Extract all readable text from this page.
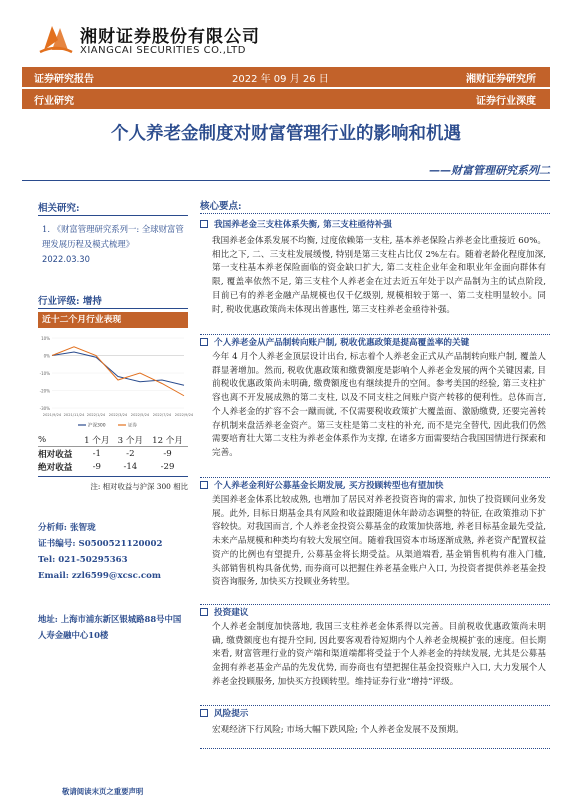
湘财证券股份有限公司
XIANGCAI SECURITIES CO.,LTD
证券研究报告	2022 年 09 月 26 日	湘财证券研究所
行业研究	证券行业深度
个人养老金制度对财富管理行业的影响和机遇
——财富管理研究系列二
相关研究:
1. 《财富管理研究系列一: 全球财富管理发展历程及模式梳理》
2022.03.30
行业评级: 增持
近十二个月行业表现
-30%
-20%
-10%
0%
10%
2021/9/24 2021/11/24 2022/1/24 2022/3/24 2022/5/24 2022/7/24 2022/9/24
沪深300	证券
%	1 个月	3 个月	12 个月
相对收益	-1	-2	-9
绝对收益	-9	-14	-29
注: 相对收益与沪深 300 相比
分析师: 张智珑
证书编号: S0500521120002
Tel: 021-50295363
Email: zzl6599@xcsc.com
地址: 上海市浦东新区银城路88号中国人寿金融中心10楼
核心要点:
我国养老金三支柱体系失衡, 第三支柱亟待补强
我国养老金体系发展不均衡, 过度依赖第一支柱, 基本养老保险占养老金比重接近 60%。相比之下, 二、三支柱发展缓慢, 特别是第三支柱占比仅 2%左右。随着老龄化程度加深, 第一支柱基本养老保险面临的资金缺口扩大, 第二支柱企业年金和职业年金面向群体有限, 覆盖率依然不足, 第三支柱个人养老金在过去近五年处于以产品制为主的试点阶段, 目前已有的养老金融产品规模也仅千亿级别, 规模相较于第一、第二支柱明显较小。同时, 税收优惠政策尚未体现出普惠性, 第三支柱养老金亟待补强。
个人养老金从产品制转向账户制, 税收优惠政策是提高覆盖率的关键
今年 4 月个人养老金顶层设计出台, 标志着个人养老金正式从产品制转向账户制, 覆盖人群显著增加。然而, 税收优惠政策和缴费额度是影响个人养老金发展的两个关键因素, 目前税收优惠政策尚未明确, 缴费额度也有继续提升的空间。参考美国的经验, 第三支柱扩容也离不开发展成熟的第二支柱, 以及不同支柱之间账户资产转移的便利性。总体而言, 个人养老金的扩容不会一蹴而就, 不仅需要税收政策扩大覆盖面、激励缴费, 还要完善转存机制来盘活养老金资产。第三支柱是第二支柱的补充, 而不是完全替代, 因此我们仍然需要培育壮大第二支柱为养老金体系作为支撑, 在诸多方面需要结合我国国情进行探索和完善。
个人养老金利好公募基金长期发展, 买方投顾转型也有望加快
美国养老金体系比较成熟, 也增加了居民对养老投资咨询的需求, 加快了投资顾问业务发展。此外, 目标日期基金具有风险和收益跟随退休年龄动态调整的特征, 在政策推动下扩容较快。对我国而言, 个人养老金投资公募基金的政策加快落地, 养老目标基金最先受益, 未来产品规模和种类均有较大发展空间。随着我国资本市场逐渐成熟, 养老资产配置权益资产的比例也有望提升, 公募基金将长期受益。从渠道端看, 基金销售机构有准入门槛, 头部销售机构具备优势, 而券商可以把握住养老基金账户入口, 为投资者提供养老基金投资咨询服务, 加快买方投顾业务转型。
投资建议
个人养老金制度加快落地, 我国三支柱养老金体系得以完善。目前税收优惠政策尚未明确, 缴费额度也有提升空间, 因此要客观看待短期内个人养老金规模扩张的速度。但长期来看, 财富管理行业的资产端和渠道端都将受益于个人养老金的持续发展, 尤其是公募基金拥有养老基金产品的先发优势, 而券商也有望把握住基金投资账户入口, 大力发展个人养老金投顾服务, 加快买方投顾转型。维持证券行业“增持”评级。
风险提示
宏观经济下行风险; 市场大幅下跌风险; 个人养老金发展不及预期。
敬请阅读末页之重要声明
